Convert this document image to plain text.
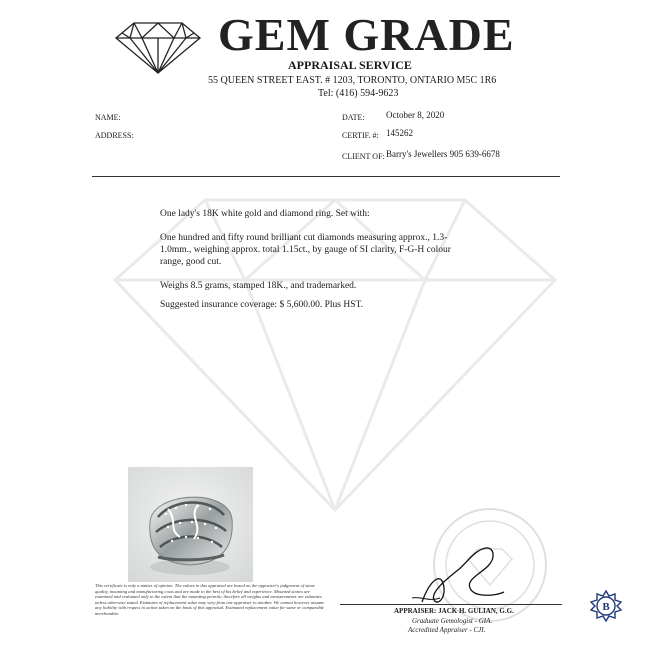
GEM GRADE
APPRAISAL SERVICE
55 QUEEN STREET EAST. # 1203, TORONTO, ONTARIO M5C 1R6
Tel: (416) 594-9623
NAME:
ADDRESS:
DATE: October 8, 2020
CERTIF. #: 145262
CLIENT OF: Barry's Jewellers 905 639-6678
One lady's 18K white gold and diamond ring. Set with:
One hundred and fifty round brilliant cut diamonds measuring approx., 1.3-1.0mm., weighing approx. total 1.15ct., by gauge of SI clarity, F-G-H colour range, good cut.
Weighs 8.5 grams, stamped 18K., and trademarked.
Suggested insurance coverage: $ 5,600.00. Plus HST.
This certificate is only a matter of opinion. The values in this appraisal are based on the appraiser's judgement of stone quality, mounting and manufacturing costs and are made to the best of his belief and experience. Mounted stones are examined and evaluated only to the extent that the mounting permits; therefore all weights and measurements are estimates unless otherwise stated. Estimates of replacement value may vary from one appraiser to another. We cannot however assume any liability with respect to action taken on the basis of this appraisal. Estimated replacement value for same or comparable merchandise.	APPRAISER: JACK H. GULIAN, G.G.
Graduate Gemologist - GIA.
Accredited Appraiser - CJI.
B
